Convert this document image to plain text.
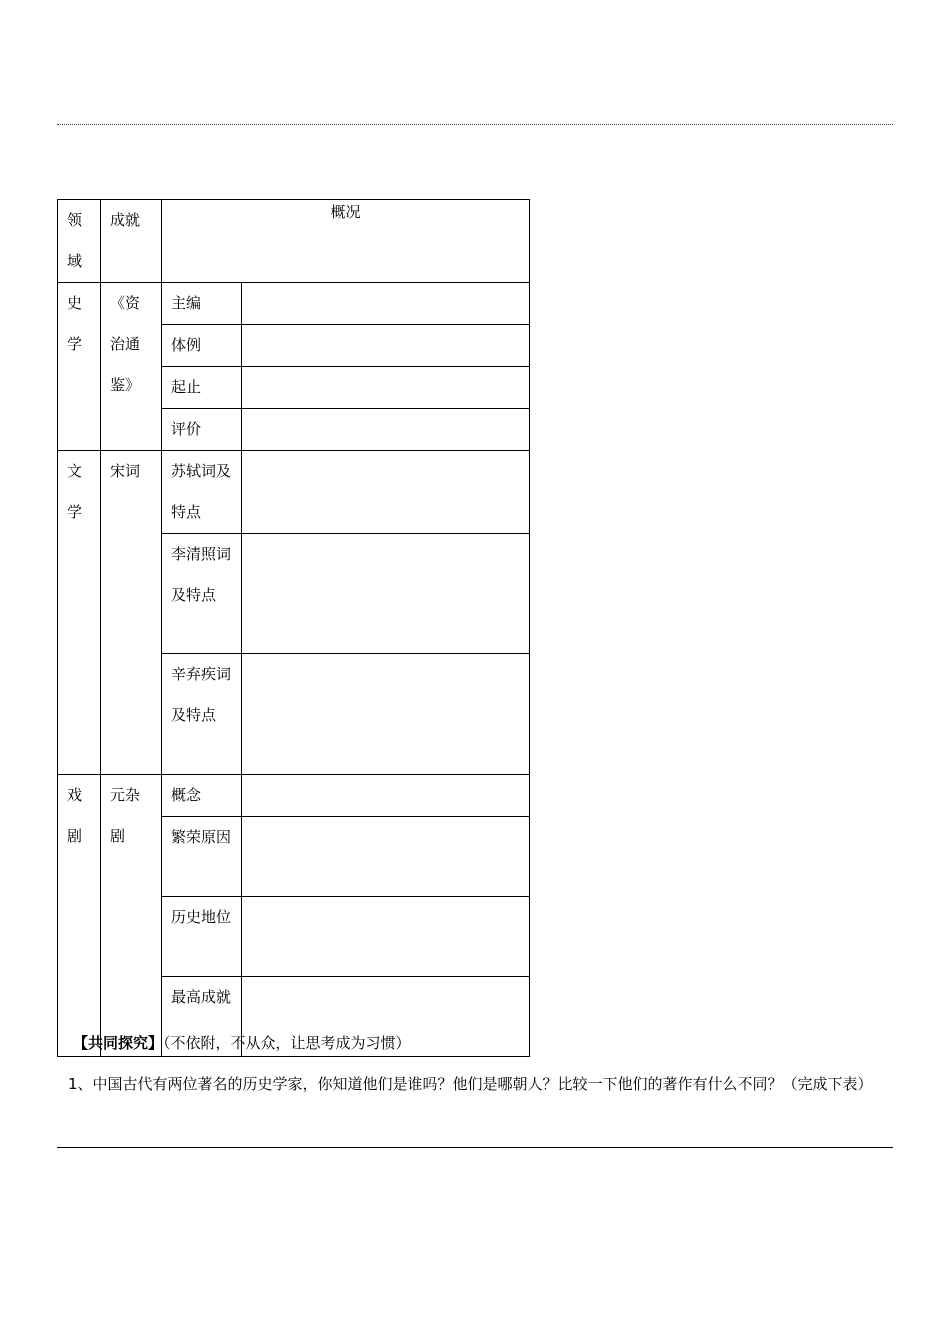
领域	成就	概况	

史学	《资治通鉴》	主编	

		体例	

		起止	

		评价	

文学	宋词	苏轼词及特点	

		李清照词及特点	

		辛弃疾词及特点	

戏剧	元杂剧	概念	

		繁荣原因	

		历史地位	

		最高成就	

【共同探究】（不依附，不从众，让思考成为习惯）
1、中国古代有两位著名的历史学家，你知道他们是谁吗？他们是哪朝人？比较一下他们的著作有什么不同？（完成下表）
